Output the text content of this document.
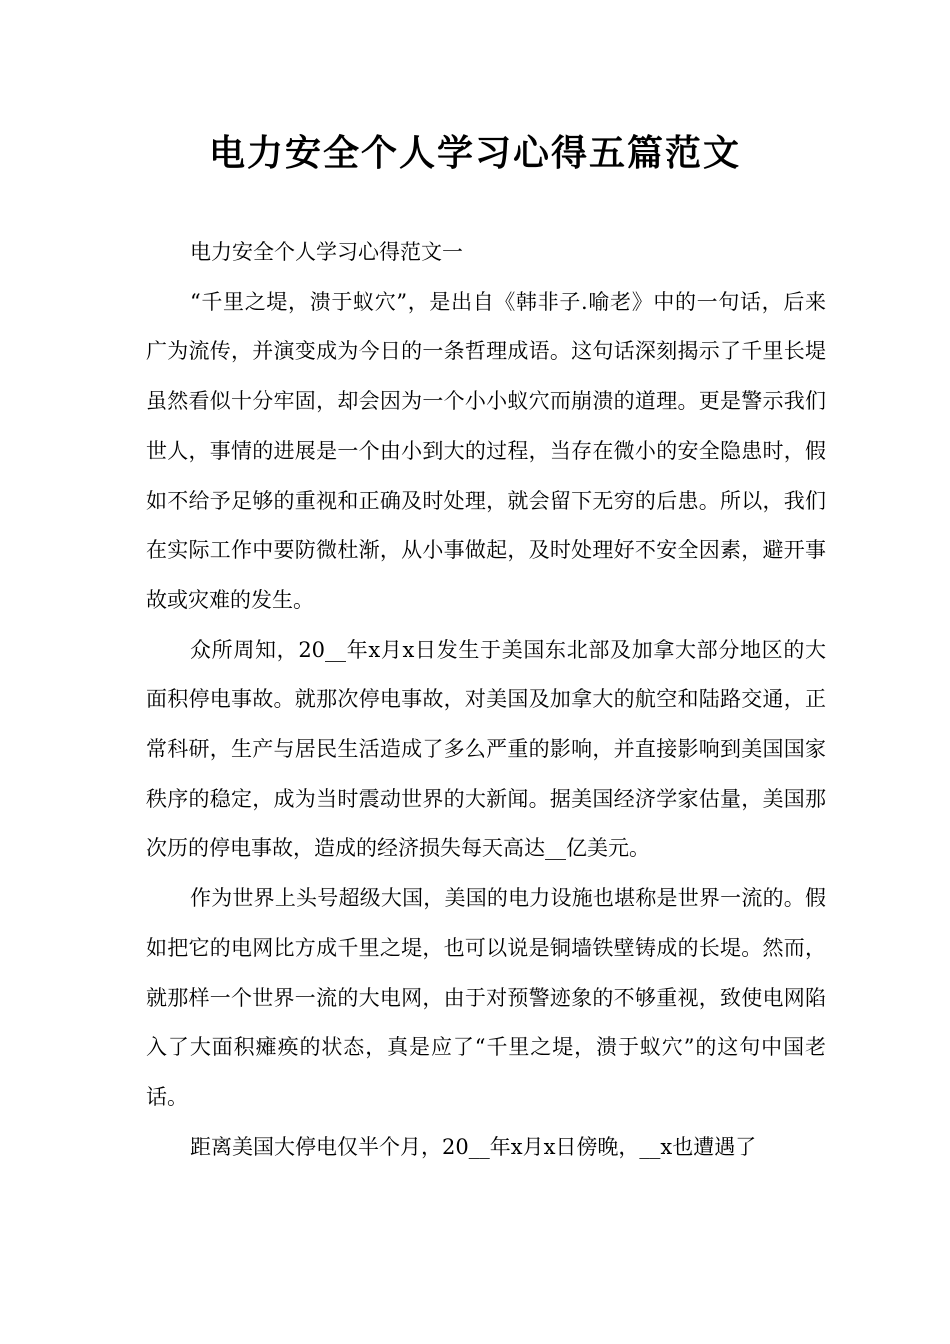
电力安全个人学习心得五篇范文

电力安全个人学习心得范文一

“千里之堤，溃于蚁穴”，是出自《韩非子.喻老》中的一句话，后来广为流传，并演变成为今日的一条哲理成语。这句话深刻揭示了千里长堤虽然看似十分牢固，却会因为一个小小蚁穴而崩溃的道理。更是警示我们世人，事情的进展是一个由小到大的过程，当存在微小的安全隐患时，假如不给予足够的重视和正确及时处理，就会留下无穷的后患。所以，我们在实际工作中要防微杜渐，从小事做起，及时处理好不安全因素，避开事故或灾难的发生。

众所周知，20__年x月x日发生于美国东北部及加拿大部分地区的大面积停电事故。就那次停电事故，对美国及加拿大的航空和陆路交通，正常科研，生产与居民生活造成了多么严重的影响，并直接影响到美国国家秩序的稳定，成为当时震动世界的大新闻。据美国经济学家估量，美国那次历的停电事故，造成的经济损失每天高达__亿美元。

作为世界上头号超级大国，美国的电力设施也堪称是世界一流的。假如把它的电网比方成千里之堤，也可以说是铜墙铁壁铸成的长堤。然而，就那样一个世界一流的大电网，由于对预警迹象的不够重视，致使电网陷入了大面积瘫痪的状态，真是应了“千里之堤，溃于蚁穴”的这句中国老话。

距离美国大停电仅半个月，20__年x月x日傍晚，__x也遭遇了
